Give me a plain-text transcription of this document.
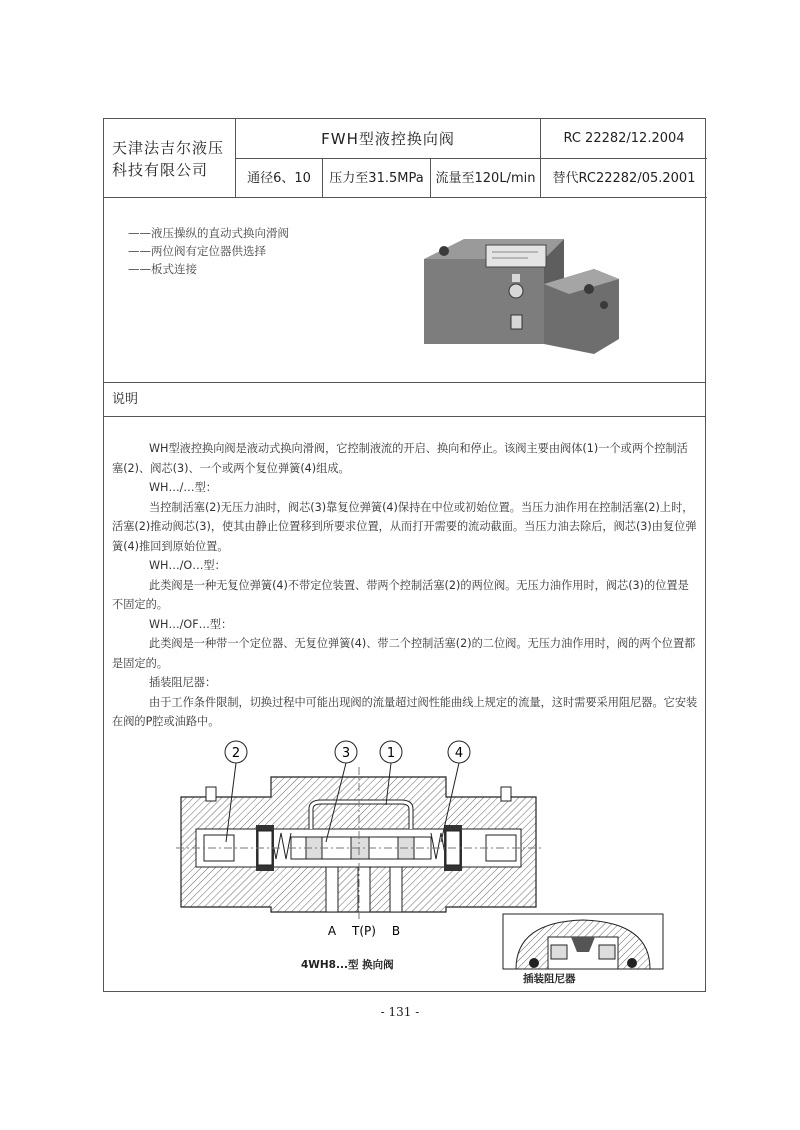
天津法吉尔液压
科技有限公司
FWH型液控换向阀	RC 22282/12.2004
通径6、10	压力至31.5MPa 流量至120L/min	替代RC22282/05.2001
——液压操纵的直动式换向滑阀
——两位阀有定位器供选择
——板式连接
说明

WH型液控换向阀是液动式换向滑阀，它控制液流的开启、换向和停止。该阀主要由阀体(1)一个或两个控制活塞(2)、阀芯(3)、一个或两个复位弹簧(4)组成。

WH…/…型：

当控制活塞(2)无压力油时，阀芯(3)靠复位弹簧(4)保持在中位或初始位置。当压力油作用在控制活塞(2)上时，活塞(2)推动阀芯(3)，使其由静止位置移到所要求位置，从而打开需要的流动截面。当压力油去除后，阀芯(3)由复位弹簧(4)推回到原始位置。

WH…/O…型：

此类阀是一种无复位弹簧(4)不带定位装置、带两个控制活塞(2)的两位阀。无压力油作用时，阀芯(3)的位置是不固定的。

WH…/OF…型：

此类阀是一种带一个定位器、无复位弹簧(4)、带二个控制活塞(2)的二位阀。无压力油作用时，阀的两个位置都是固定的。

插装阻尼器：

由于工作条件限制，切换过程中可能出现阀的流量超过阀性能曲线上规定的流量，这时需要采用阻尼器。它安装在阀的P腔或油路中。

2	3	1	4
A T(P) B
4WH8...型 换向阀
插装阻尼器
- 131 -
